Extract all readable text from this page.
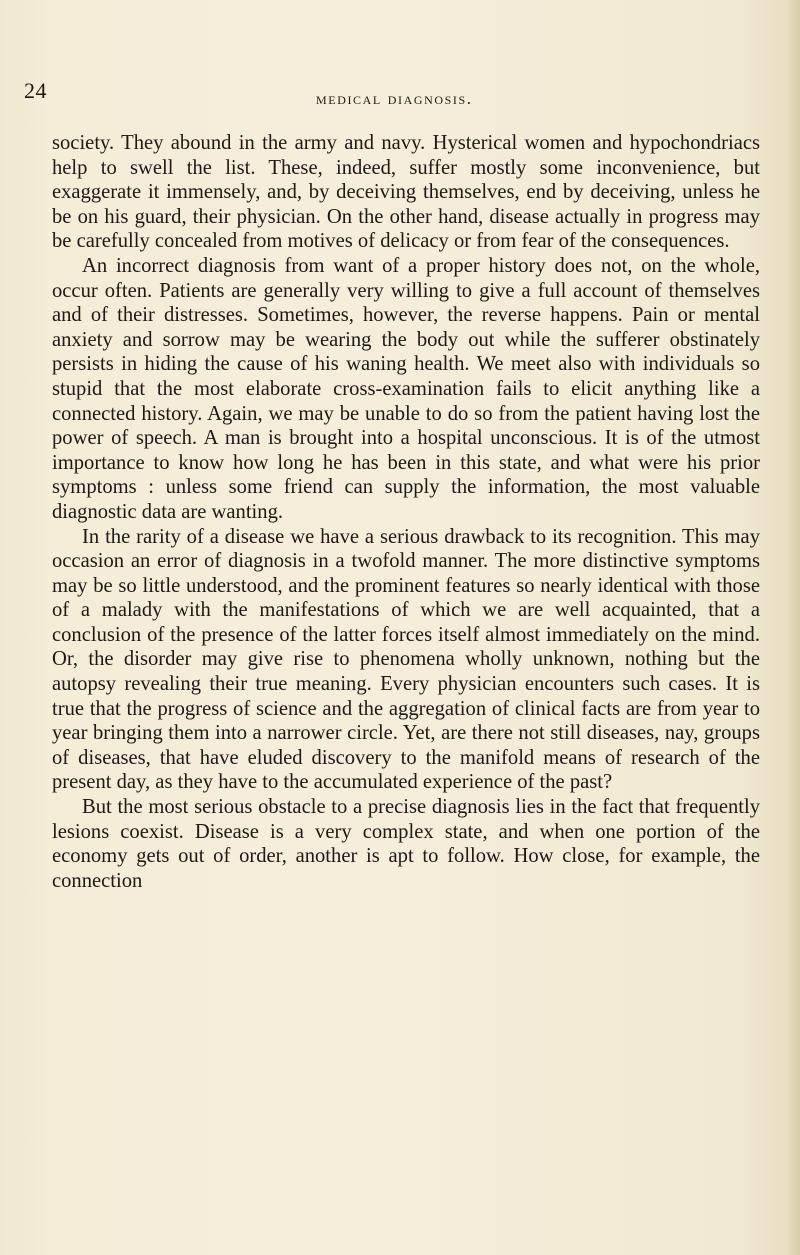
24	medical diagnosis.

society. They abound in the army and navy. Hysterical women and hypochondriacs help to swell the list. These, indeed, suffer mostly some inconvenience, but exaggerate it immensely, and, by deceiving themselves, end by deceiving, unless he be on his guard, their physician. On the other hand, disease actually in progress may be carefully concealed from motives of delicacy or from fear of the consequences.

An incorrect diagnosis from want of a proper history does not, on the whole, occur often. Patients are generally very willing to give a full account of themselves and of their distresses. Sometimes, however, the reverse happens. Pain or mental anxiety and sorrow may be wearing the body out while the sufferer obstinately persists in hiding the cause of his waning health. We meet also with individuals so stupid that the most elaborate cross-examination fails to elicit anything like a connected history. Again, we may be unable to do so from the patient having lost the power of speech. A man is brought into a hospital unconscious. It is of the utmost importance to know how long he has been in this state, and what were his prior symptoms : unless some friend can supply the information, the most valuable diagnostic data are wanting.

In the rarity of a disease we have a serious drawback to its recognition. This may occasion an error of diagnosis in a twofold manner. The more distinctive symptoms may be so little understood, and the prominent features so nearly identical with those of a malady with the manifestations of which we are well acquainted, that a conclusion of the presence of the latter forces itself almost immediately on the mind. Or, the disorder may give rise to phenomena wholly unknown, nothing but the autopsy revealing their true meaning. Every physician encounters such cases. It is true that the progress of science and the aggregation of clinical facts are from year to year bringing them into a narrower circle. Yet, are there not still diseases, nay, groups of diseases, that have eluded discovery to the manifold means of research of the present day, as they have to the accumulated experience of the past?

But the most serious obstacle to a precise diagnosis lies in the fact that frequently lesions coexist. Disease is a very complex state, and when one portion of the economy gets out of order, another is apt to follow. How close, for example, the connection
